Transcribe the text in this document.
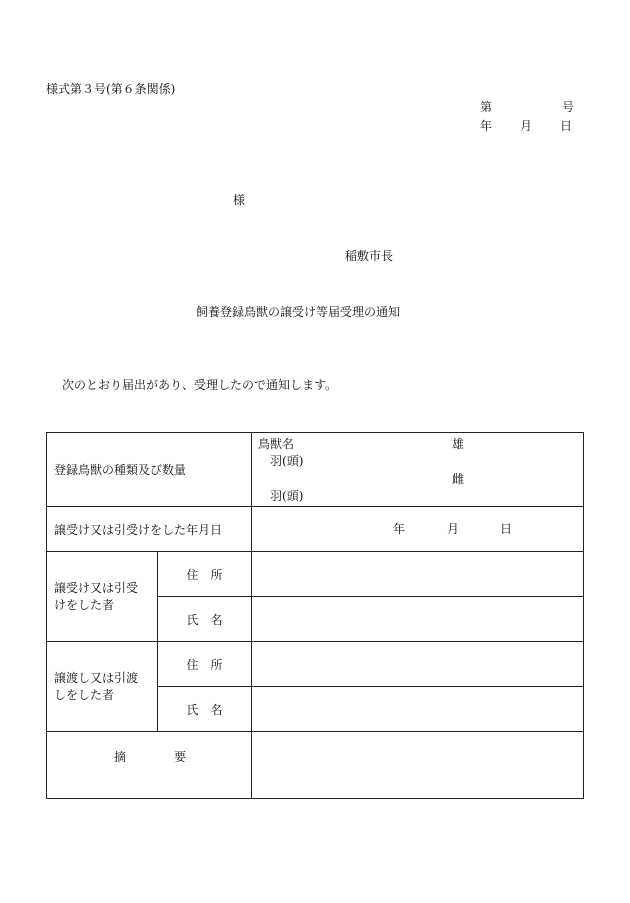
様式第３号(第６条関係)
第	号
年 月 日
様
稲敷市長
飼養登録鳥獣の譲受け等届受理の通知
次のとおり届出があり、受理したので通知します。
登録鳥獣の種類及び数量		鳥獣名 雄
羽(頭)
雌
羽(頭)

譲受け又は引受けをした年月日		年 月 日

譲受け又は引受
けをした者	住　所	
	氏　名	

譲渡し又は引渡
しをした者	住　所	
	氏　名	

摘 要		
